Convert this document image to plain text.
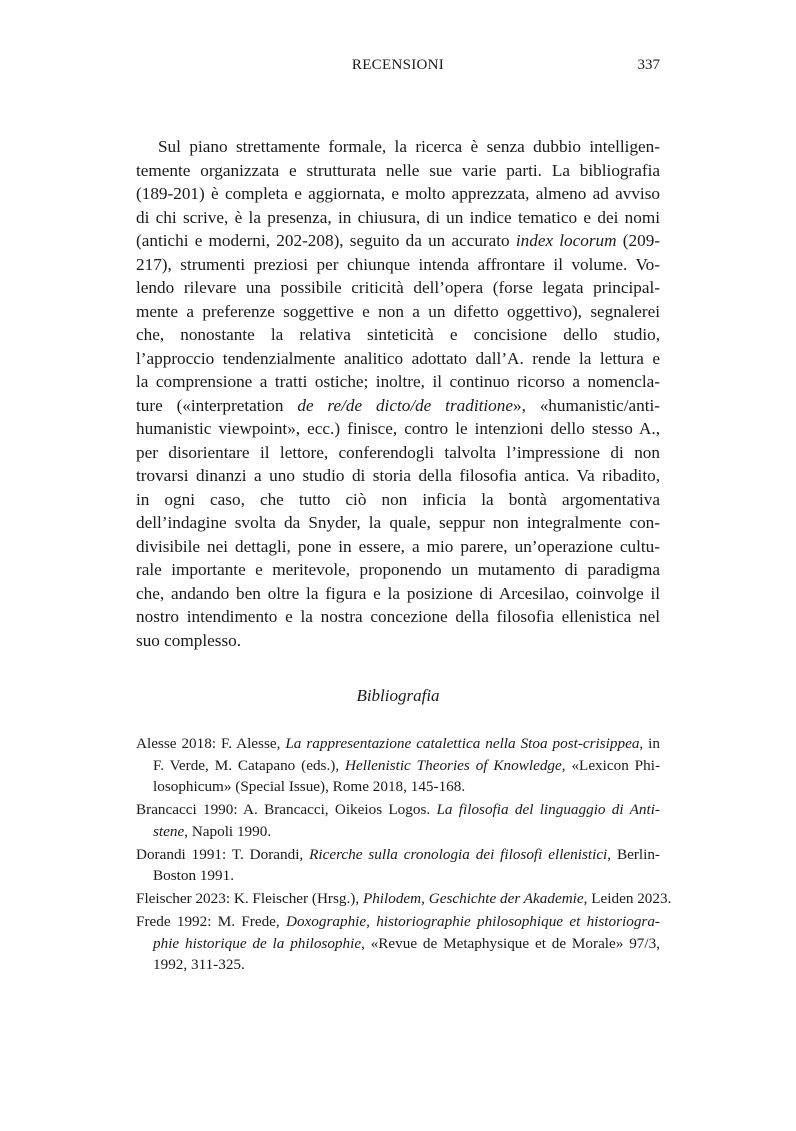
RECENSIONI	337
Sul piano strettamente formale, la ricerca è senza dubbio intelligen-
temente organizzata e strutturata nelle sue varie parti. La bibliografia
(189-201) è completa e aggiornata, e molto apprezzata, almeno ad avviso
di chi scrive, è la presenza, in chiusura, di un indice tematico e dei nomi
(antichi e moderni, 202-208), seguito da un accurato index locorum (209-
217), strumenti preziosi per chiunque intenda affrontare il volume. Vo-
lendo rilevare una possibile criticità dell’opera (forse legata principal-
mente a preferenze soggettive e non a un difetto oggettivo), segnalerei
che, nonostante la relativa sinteticità e concisione dello studio,
l’approccio tendenzialmente analitico adottato dall’A. rende la lettura e
la comprensione a tratti ostiche; inoltre, il continuo ricorso a nomencla-
ture («interpretation de re/de dicto/de traditione», «humanistic/anti-
humanistic viewpoint», ecc.) finisce, contro le intenzioni dello stesso A.,
per disorientare il lettore, conferendogli talvolta l’impressione di non
trovarsi dinanzi a uno studio di storia della filosofia antica. Va ribadito,
in ogni caso, che tutto ciò non inficia la bontà argomentativa
dell’indagine svolta da Snyder, la quale, seppur non integralmente con-
divisibile nei dettagli, pone in essere, a mio parere, un’operazione cultu-
rale importante e meritevole, proponendo un mutamento di paradigma
che, andando ben oltre la figura e la posizione di Arcesilao, coinvolge il
nostro intendimento e la nostra concezione della filosofia ellenistica nel
suo complesso.
Bibliografia
Alesse 2018: F. Alesse, La rappresentazione catalettica nella Stoa post-crisippea, in
F. Verde, M. Catapano (eds.), Hellenistic Theories of Knowledge, «Lexicon Phi-
losophicum» (Special Issue), Rome 2018, 145-168.
Brancacci 1990: A. Brancacci, Oikeios Logos. La filosofia del linguaggio di Anti-
stene, Napoli 1990.
Dorandi 1991: T. Dorandi, Ricerche sulla cronologia dei filosofi ellenistici, Berlin-
Boston 1991.
Fleischer 2023: K. Fleischer (Hrsg.), Philodem, Geschichte der Akademie, Leiden 2023.
Frede 1992: M. Frede, Doxographie, historiographie philosophique et historiogra-
phie historique de la philosophie, «Revue de Metaphysique et de Morale» 97/3,
1992, 311-325.
